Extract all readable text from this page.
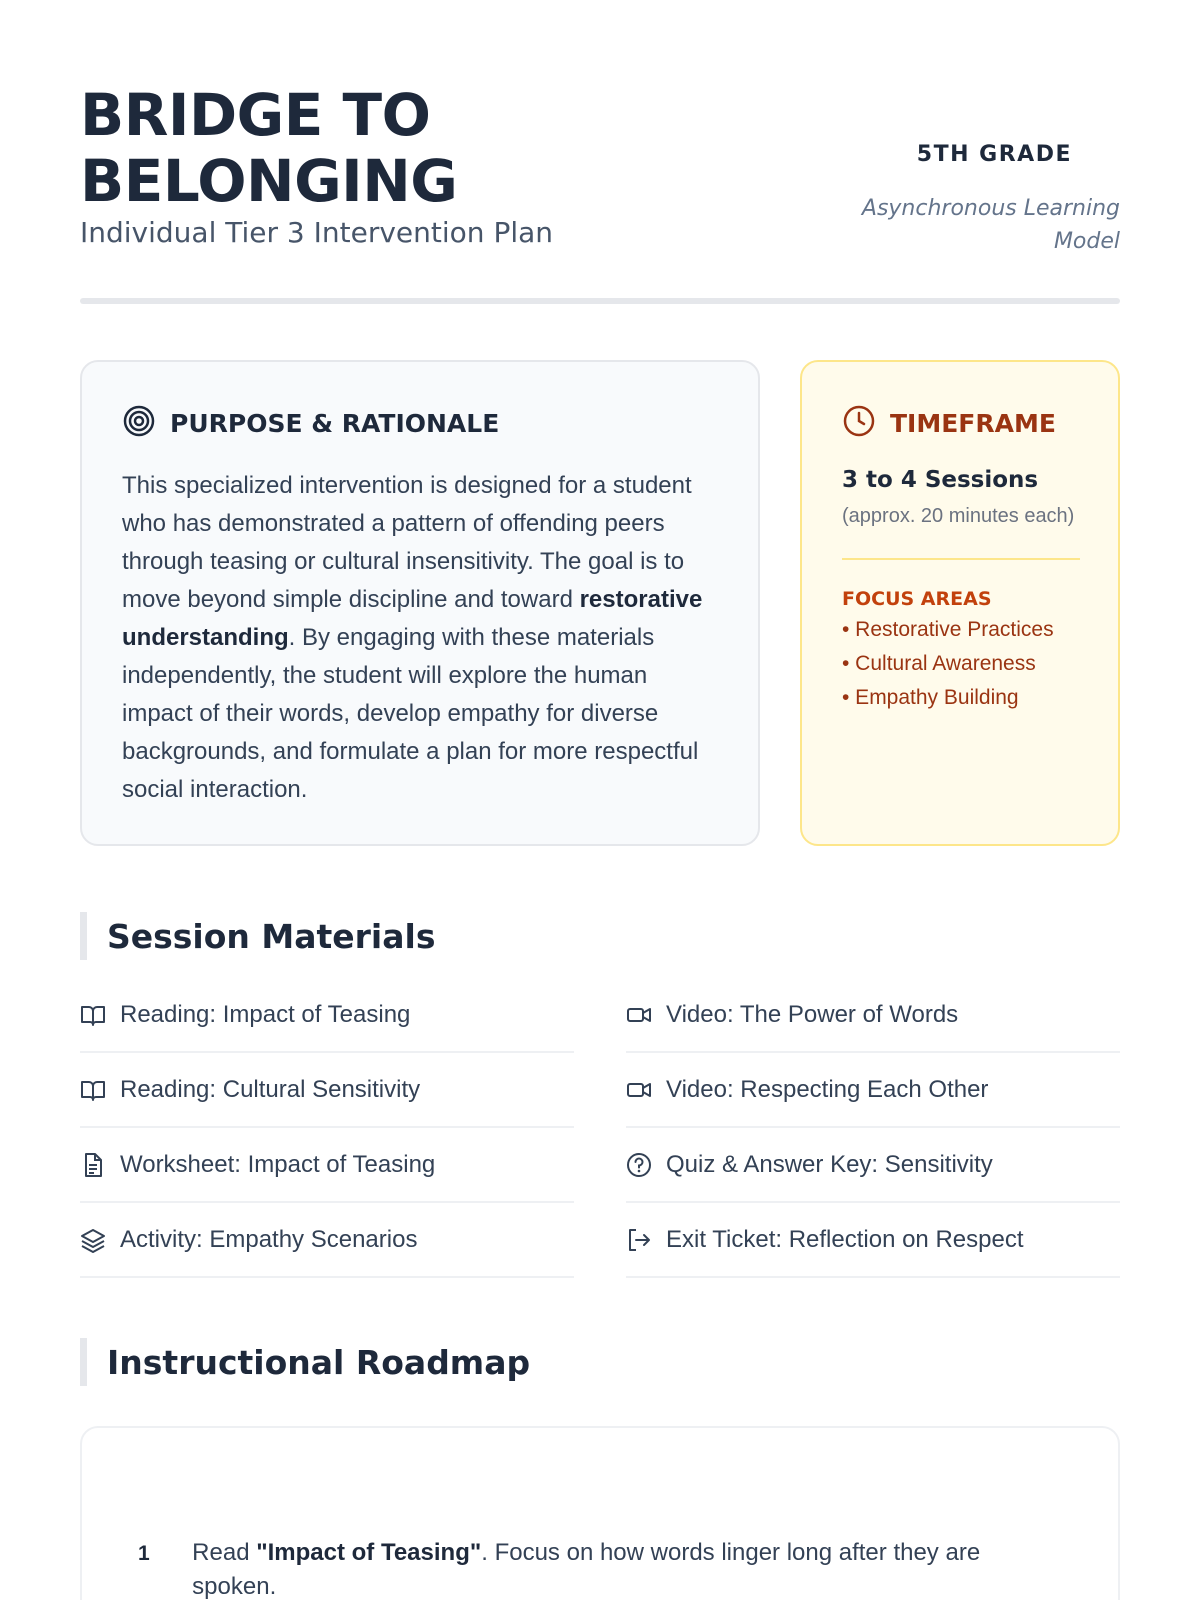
BRIDGE TO
BELONGING
Individual Tier 3 Intervention Plan
5TH GRADE
Asynchronous Learning Model
PURPOSE & RATIONALE

This specialized intervention is designed for a student who has demonstrated a pattern of offending peers through teasing or cultural insensitivity. The goal is to move beyond simple discipline and toward restorative understanding. By engaging with these materials independently, the student will explore the human impact of their words, develop empathy for diverse backgrounds, and formulate a plan for more respectful social interaction.

TIMEFRAME
3 to 4 Sessions
(approx. 20 minutes each)
FOCUS AREAS
• Restorative Practices
• Cultural Awareness
• Empathy Building
Session Materials
Reading: Impact of Teasing	Video: The Power of Words
Reading: Cultural Sensitivity	Video: Respecting Each Other
Worksheet: Impact of Teasing	Quiz & Answer Key: Sensitivity
Activity: Empathy Scenarios	Exit Ticket: Reflection on Respect
Instructional Roadmap
1	Read "Impact of Teasing". Focus on how words linger long after they are spoken.
